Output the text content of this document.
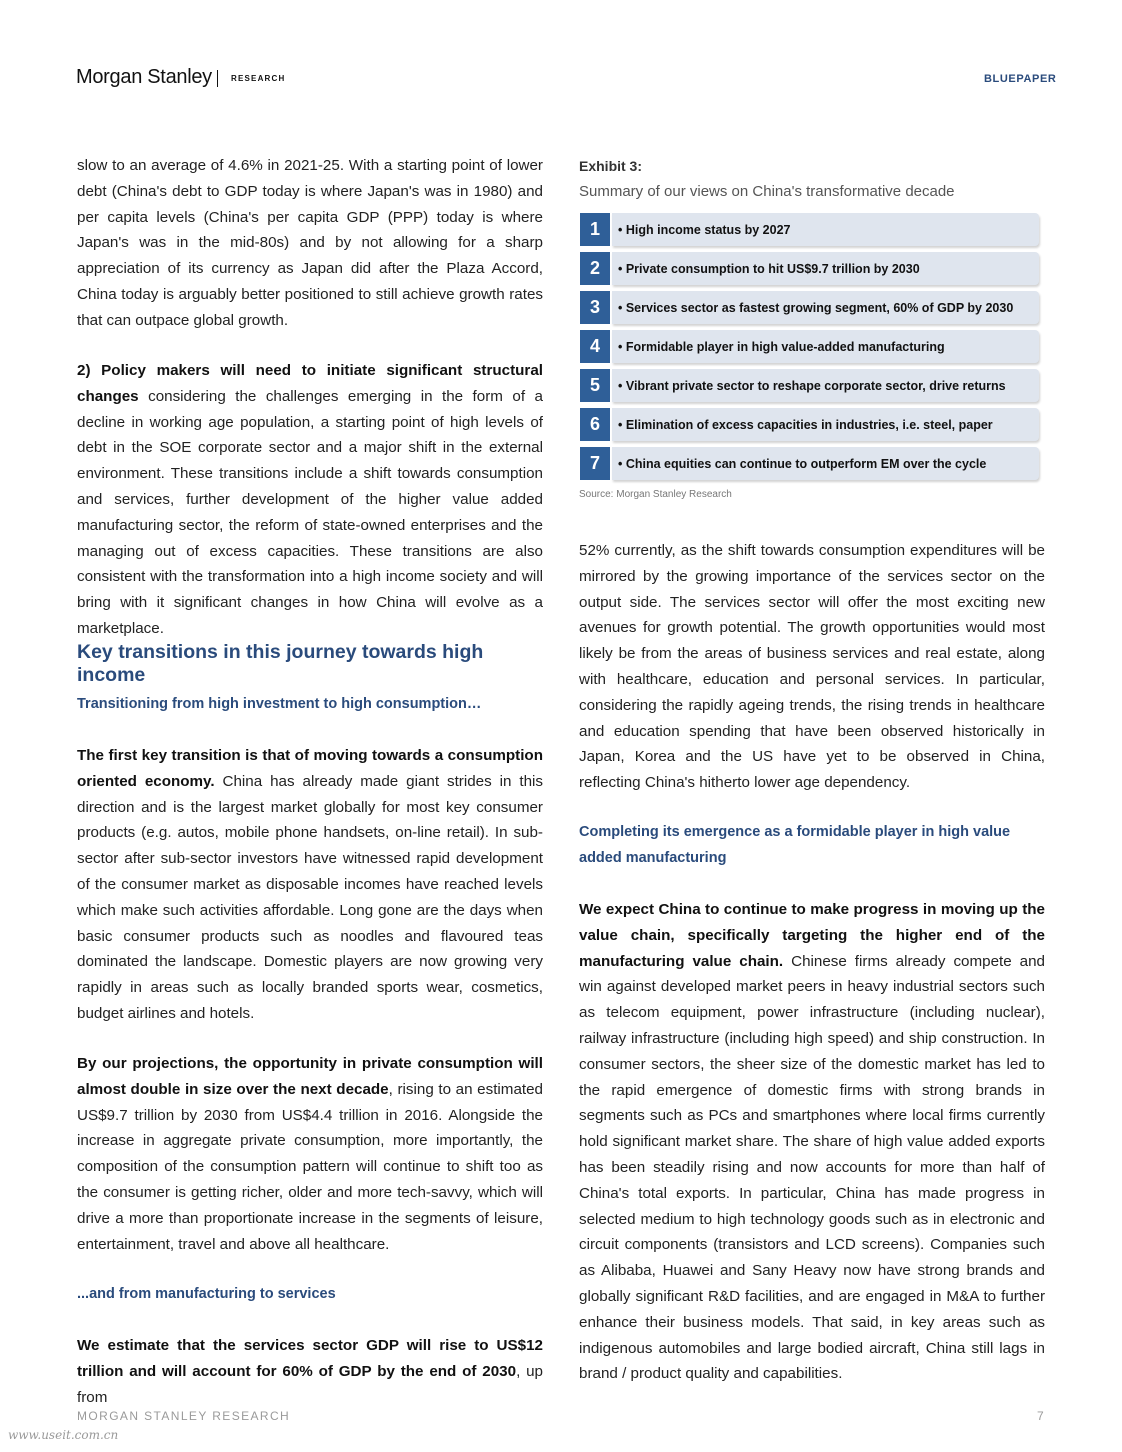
Morgan Stanley RESEARCH	BLUEPAPER

slow to an average of 4.6% in 2021-25. With a starting point of lower debt (China's debt to GDP today is where Japan's was in 1980) and per capita levels (China's per capita GDP (PPP) today is where Japan's was in the mid-80s) and by not allowing for a sharp appreciation of its currency as Japan did after the Plaza Accord, China today is arguably better positioned to still achieve growth rates that can outpace global growth.

2) Policy makers will need to initiate significant structural changes considering the challenges emerging in the form of a decline in working age population, a starting point of high levels of debt in the SOE corporate sector and a major shift in the external environment. These transitions include a shift towards consumption and services, further development of the higher value added manufacturing sector, the reform of state-owned enterprises and the managing out of excess capacities. These transitions are also consistent with the transformation into a high income society and will bring with it significant changes in how China will evolve as a marketplace.

Key transitions in this journey towards high income
Transitioning from high investment to high consumption…

The first key transition is that of moving towards a consumption oriented economy. China has already made giant strides in this direction and is the largest market globally for most key consumer products (e.g. autos, mobile phone handsets, on-line retail). In sub-sector after sub-sector investors have witnessed rapid development of the consumer market as disposable incomes have reached levels which make such activities affordable. Long gone are the days when basic consumer products such as noodles and flavoured teas dominated the landscape. Domestic players are now growing very rapidly in areas such as locally branded sports wear, cosmetics, budget airlines and hotels.

By our projections, the opportunity in private consumption will almost double in size over the next decade, rising to an estimated US$9.7 trillion by 2030 from US$4.4 trillion in 2016. Alongside the increase in aggregate private consumption, more importantly, the composition of the consumption pattern will continue to shift too as the consumer is getting richer, older and more tech-savvy, which will drive a more than proportionate increase in the segments of leisure, entertainment, travel and above all healthcare.

...and from manufacturing to services

We estimate that the services sector GDP will rise to US$12 trillion and will account for 60% of GDP by the end of 2030, up from

Exhibit 3:
Summary of our views on China's transformative decade
1	• High income status by 2027
2	• Private consumption to hit US$9.7 trillion by 2030
3	• Services sector as fastest growing segment, 60% of GDP by 2030
4	• Formidable player in high value-added manufacturing
5	• Vibrant private sector to reshape corporate sector, drive returns
6	• Elimination of excess capacities in industries, i.e. steel, paper
7	• China equities can continue to outperform EM over the cycle
Source: Morgan Stanley Research

52% currently, as the shift towards consumption expenditures will be mirrored by the growing importance of the services sector on the output side. The services sector will offer the most exciting new avenues for growth potential. The growth opportunities would most likely be from the areas of business services and real estate, along with healthcare, education and personal services. In particular, considering the rapidly ageing trends, the rising trends in healthcare and education spending that have been observed historically in Japan, Korea and the US have yet to be observed in China, reflecting China's hitherto lower age dependency.

Completing its emergence as a formidable player in high value added manufacturing

We expect China to continue to make progress in moving up the value chain, specifically targeting the higher end of the manufacturing value chain. Chinese firms already compete and win against developed market peers in heavy industrial sectors such as telecom equipment, power infrastructure (including nuclear), railway infrastructure (including high speed) and ship construction. In consumer sectors, the sheer size of the domestic market has led to the rapid emergence of domestic firms with strong brands in segments such as PCs and smartphones where local firms currently hold significant market share. The share of high value added exports has been steadily rising and now accounts for more than half of China's total exports. In particular, China has made progress in selected medium to high technology goods such as in electronic and circuit components (transistors and LCD screens). Companies such as Alibaba, Huawei and Sany Heavy now have strong brands and globally significant R&D facilities, and are engaged in M&A to further enhance their business models. That said, in key areas such as indigenous automobiles and large bodied aircraft, China still lags in brand / product quality and capabilities.

MORGAN STANLEY RESEARCH	7
www.useit.com.cn
